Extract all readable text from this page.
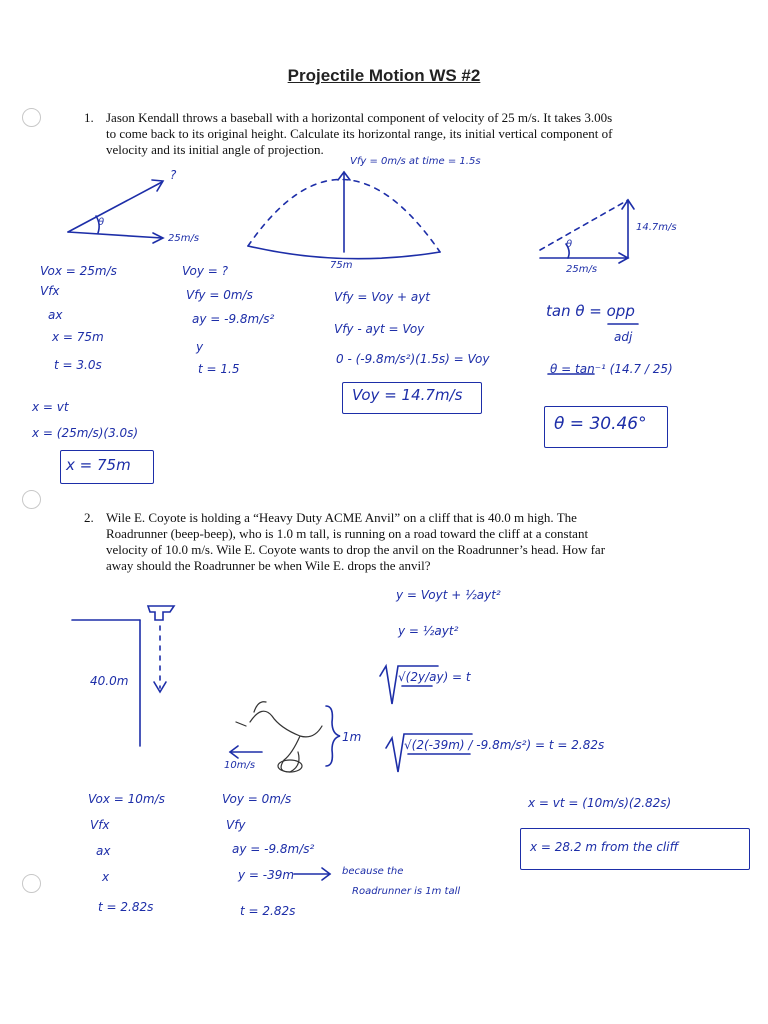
Projectile Motion WS #2
1. Jason Kendall throws a baseball with a horizontal component of velocity of 25 m/s. It takes 3.00s

to come back to its original height. Calculate its horizontal range, its initial vertical component of

velocity and its initial angle of projection.

2. Wile E. Coyote is holding a “Heavy Duty ACME Anvil” on a cliff that is 40.0 m high. The

Roadrunner (beep-beep), who is 1.0 m tall, is running on a road toward the cliff at a constant

velocity of 10.0 m/s. Wile E. Coyote wants to drop the anvil on the Roadrunner’s head. How far

away should the Roadrunner be when Wile E. drops the anvil?

?
θ
25m/s
Vfy = 0m/s at time = 1.5s
75m
14.7m/s
25m/s
θ
Vox = 25m/s
Vfx
ax
x = 75m
t = 3.0s
Voy = ?
Vfy = 0m/s
ay = -9.8m/s²
y
t = 1.5
Vfy = Voy + ayt
Vfy - ayt = Voy
0 - (-9.8m/s²)(1.5s) = Voy
Voy = 14.7m/s
tan θ = opp
adj
θ = tan⁻¹ (14.7 / 25)
θ = 30.46°
x = vt
x = (25m/s)(3.0s)
x = 75m
40.0m
1m
10m/s
y = Voyt + ½ayt²
y = ½ayt²
√(2y/ay) = t
√(2(-39m) / -9.8m/s²) = t = 2.82s
Vox = 10m/s
Vfx
ax
x
t = 2.82s
Voy = 0m/s
Vfy
ay = -9.8m/s²
y = -39m
t = 2.82s
because the
Roadrunner is 1m tall
x = vt = (10m/s)(2.82s)
x = 28.2 m from the cliff
